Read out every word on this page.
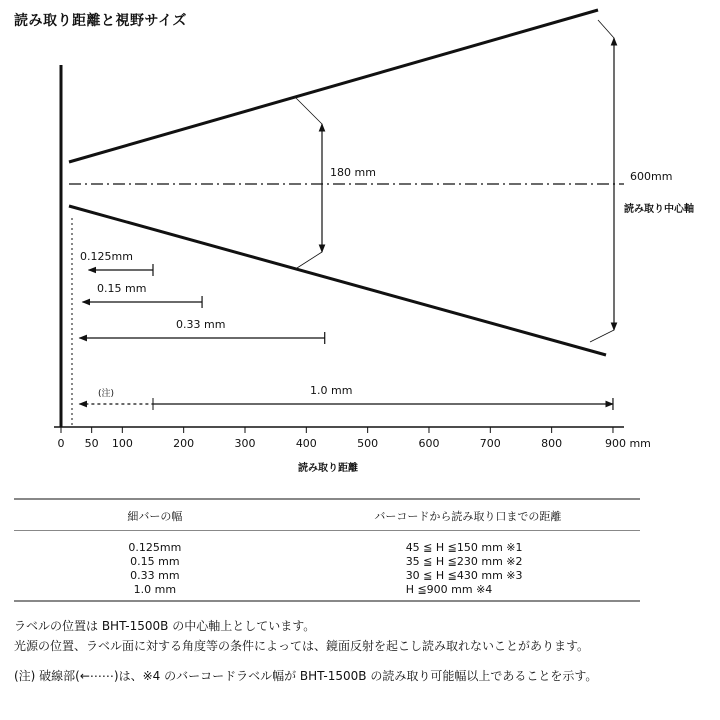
読み取り距離と視野サイズ
180 mm	600mm
読み取り中心軸
0.125mm
0.15 mm
0.33 mm
(注)	1.0 mm
0 50 100	200	300	400	500	600	700	800	900 mm
読み取り距離
細バーの幅	バーコードから読み取り口までの距離
0.125mm	45 ≦ H ≦150 mm ※1
0.15 mm	35 ≦ H ≦230 mm ※2
0.33 mm	30 ≦ H ≦430 mm ※3
1.0 mm	H ≦900 mm ※4

ラベルの位置は BHT-1500B の中心軸上としています。

光源の位置、ラベル面に対する角度等の条件によっては、鏡面反射を起こし読み取れないことがあります。

(注) 破線部(←⋯⋯)は、※4 のバーコードラベル幅が BHT-1500B の読み取り可能幅以上であることを示す。
